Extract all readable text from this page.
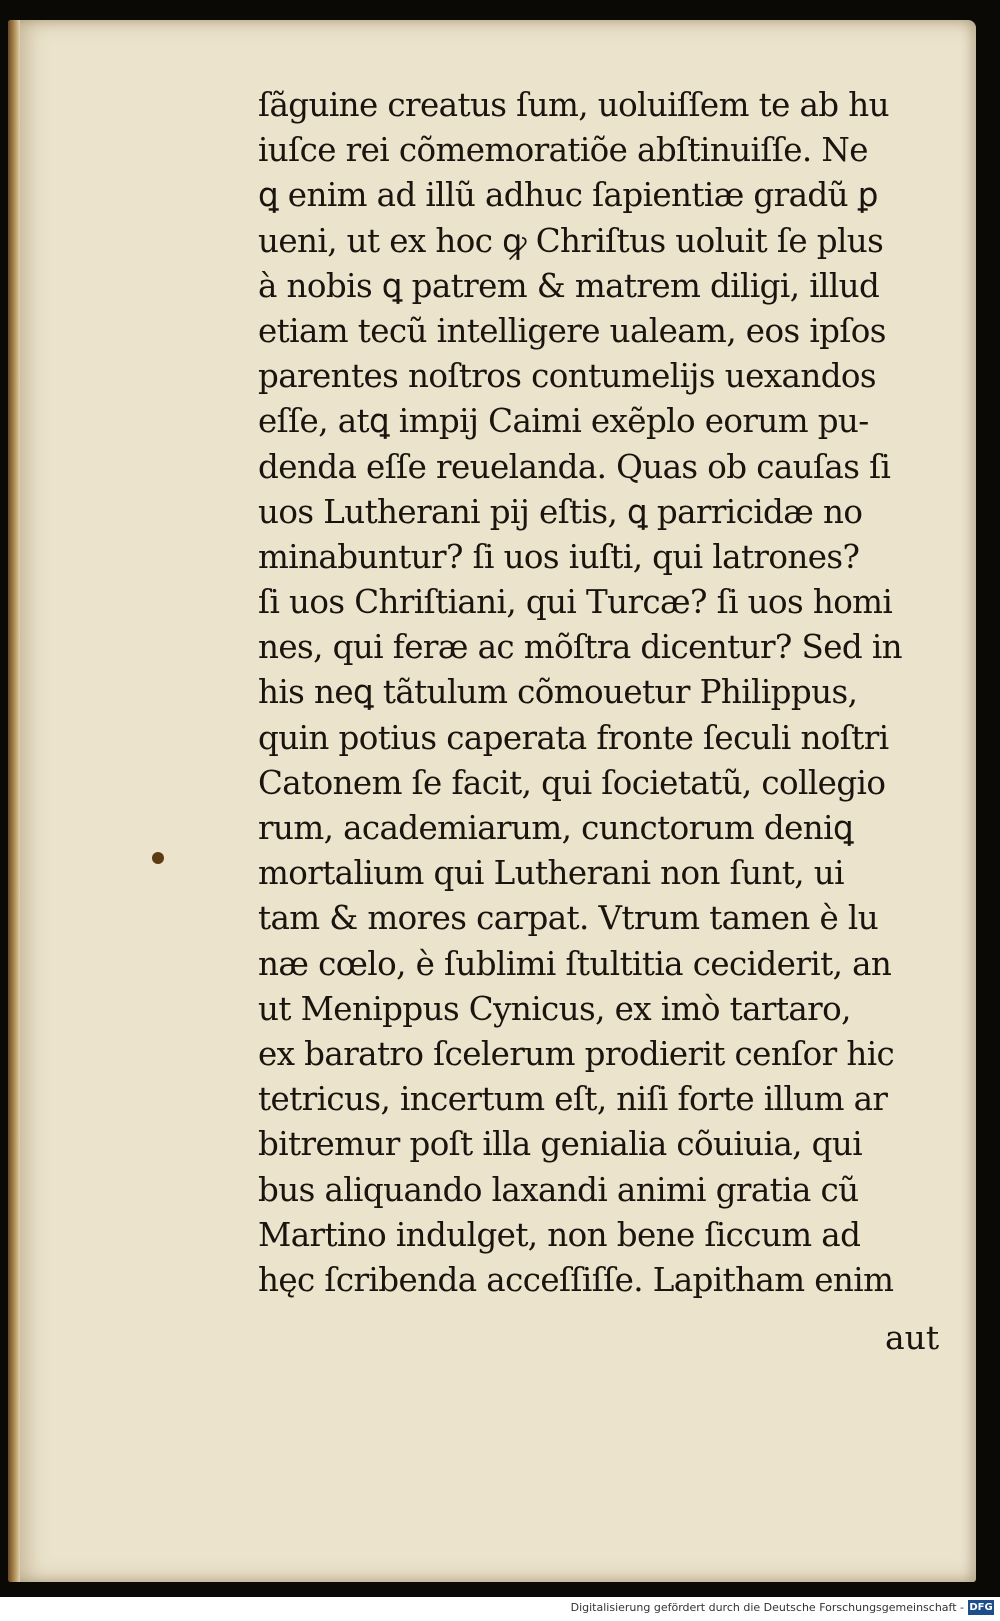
ſãguine creatus ſum, uoluiſſem te ab hu
iuſce rei cõmemoratiõe abſtinuiſſe. Ne
ꝗ enim ad illũ adhuc ſapientiæ gradũ ꝑ
ueni, ut ex hoc ꝙ Chriſtus uoluit ſe plus
à nobis ꝗ patrem & matrem diligi, illud
etiam tecũ intelligere ualeam, eos ipſos
parentes noſtros contumelijs uexandos
eſſe, atꝗ impij Caimi exẽplo eorum pu‑
denda eſſe reuelanda. Quas ob cauſas ſi
uos Lutherani pij eſtis, ꝗ parricidæ no
minabuntur? ſi uos iuſti, qui latrones?
ſi uos Chriſtiani, qui Turcæ? ſi uos homi
nes, qui feræ ac mõſtra dicentur? Sed in
his neꝗ tãtulum cõmouetur Philippus,
quin potius caperata fronte ſeculi noſtri
Catonem ſe facit, qui ſocietatũ, collegio
rum, academiarum, cunctorum deniꝗ
mortalium qui Lutherani non ſunt, ui
tam & mores carpat. Vtrum tamen è lu
næ cœlo, è ſublimi ſtultitia ceciderit, an
ut Menippus Cynicus, ex imò tartaro,
ex baratro ſcelerum prodierit cenſor hic
tetricus, incertum eſt, niſi forte illum ar
bitremur poſt illa genialia cõuiuia, qui
bus aliquando laxandi animi gratia cũ
Martino indulget, non bene ſiccum ad
hęc ſcribenda acceſſiſſe. Lapitham enim
aut
Digitalisierung gefördert durch die Deutsche Forschungsgemeinschaft - DFG
